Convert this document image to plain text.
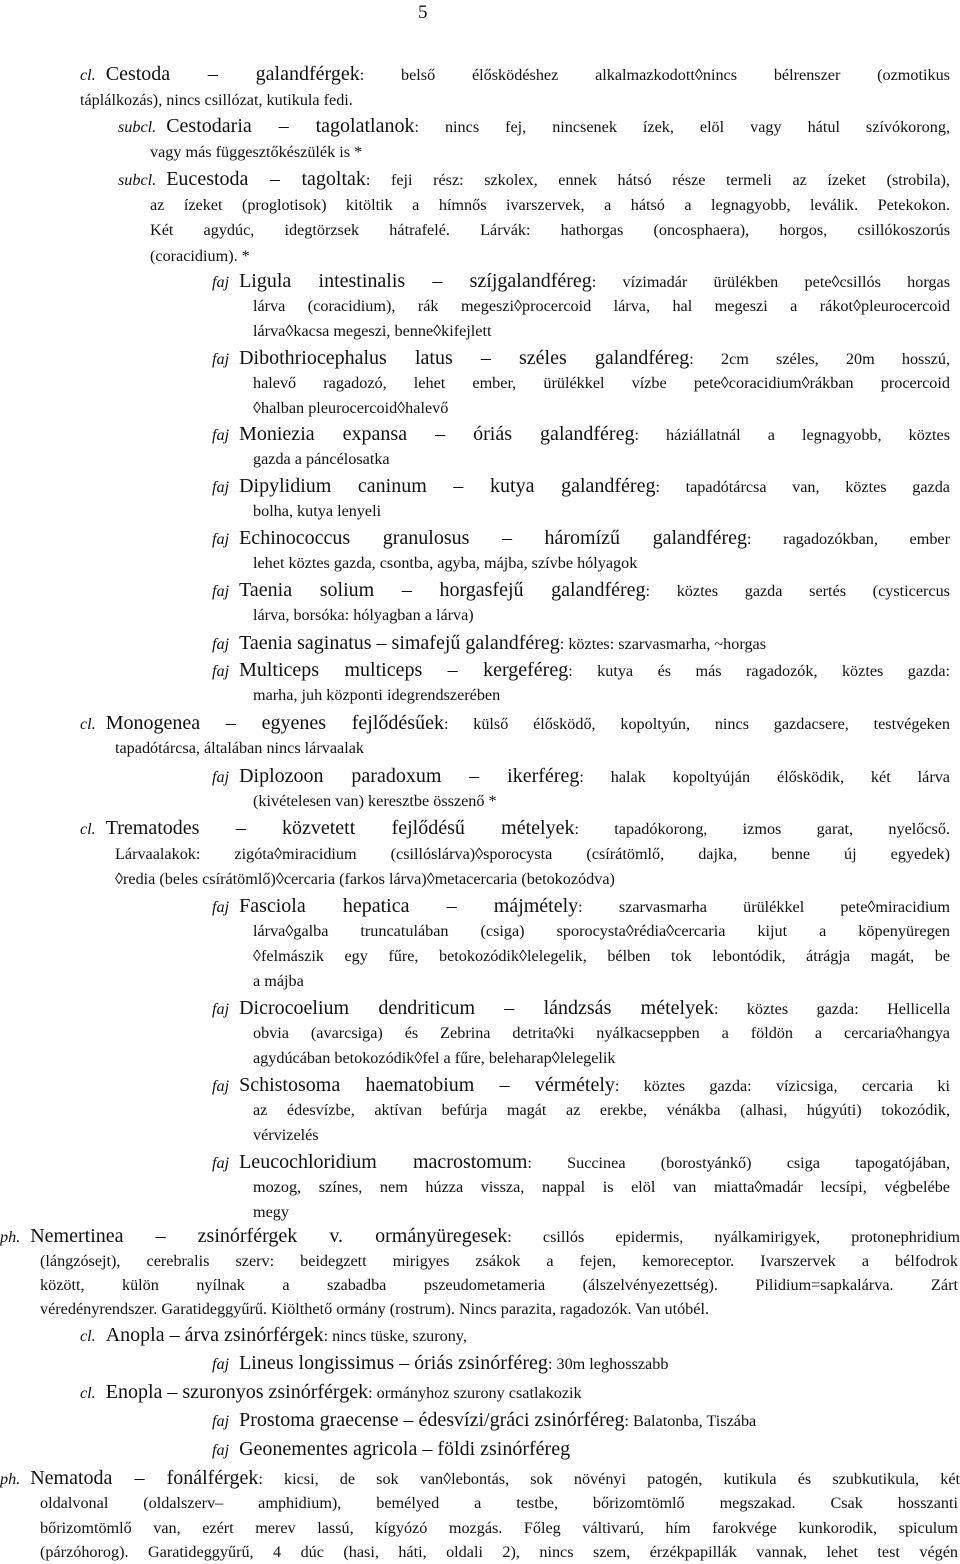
5
cl. Cestoda – galandférgek: belső élősködéshez alkalmazkodott◊nincs bélrenszer (ozmotikus
táplálkozás), nincs csillózat, kutikula fedi.
subcl. Cestodaria – tagolatlanok: nincs fej, nincsenek ízek, elöl vagy hátul szívókorong,
vagy más függesztőkészülék is *
subcl. Eucestoda – tagoltak: feji rész: szkolex, ennek hátsó része termeli az ízeket (strobila),
az ízeket (proglotisok) kitöltik a hímnős ivarszervek, a hátsó a legnagyobb, leválik. Petekokon.
Két agydúc, idegtörzsek hátrafelé. Lárvák: hathorgas (oncosphaera), horgos, csillókoszorús
(coracidium). *
faj Ligula intestinalis – szíjgalandféreg: vízimadár ürülékben pete◊csillós horgas
lárva (coracidium), rák megeszi◊procercoid lárva, hal megeszi a rákot◊pleurocercoid
lárva◊kacsa megeszi, benne◊kifejlett
faj Dibothriocephalus latus – széles galandféreg: 2cm széles, 20m hosszú,
halevő ragadozó, lehet ember, ürülékkel vízbe pete◊coracidium◊rákban procercoid
◊halban pleurocercoid◊halevő
faj Moniezia expansa – óriás galandféreg: háziállatnál a legnagyobb, köztes
gazda a páncélosatka
faj Dipylidium caninum – kutya galandféreg: tapadótárcsa van, köztes gazda
bolha, kutya lenyeli
faj Echinococcus granulosus – háromízű galandféreg: ragadozókban, ember
lehet köztes gazda, csontba, agyba, májba, szívbe hólyagok
faj Taenia solium – horgasfejű galandféreg: köztes gazda sertés (cysticercus
lárva, borsóka: hólyagban a lárva)
faj Taenia saginatus – simafejű galandféreg: köztes: szarvasmarha, ~horgas
faj Multiceps multiceps – kergeféreg: kutya és más ragadozók, köztes gazda:
marha, juh központi idegrendszerében
cl. Monogenea – egyenes fejlődésűek: külső élősködő, kopoltyún, nincs gazdacsere, testvégeken
tapadótárcsa, általában nincs lárvaalak
faj Diplozoon paradoxum – ikerféreg: halak kopoltyúján élősködik, két lárva
(kivételesen van) keresztbe összenő *
cl. Trematodes – közvetett fejlődésű mételyek: tapadókorong, izmos garat, nyelőcső.
Lárvaalakok: zigóta◊miracidium (csillóslárva)◊sporocysta (csírátömlő, dajka, benne új egyedek)
◊redia (beles csírátömlő)◊cercaria (farkos lárva)◊metacercaria (betokozódva)
faj Fasciola hepatica – májmétely: szarvasmarha ürülékkel pete◊miracidium
lárva◊galba truncatulában (csiga) sporocysta◊rédia◊cercaria kijut a köpenyüregen
◊felmászik egy fűre, betokozódik◊lelegelik, bélben tok lebontódik, átrágja magát, be
a májba
faj Dicrocoelium dendriticum – lándzsás mételyek: köztes gazda: Hellicella
obvia (avarcsiga) és Zebrina detrita◊ki nyálkacseppben a földön a cercaria◊hangya
agydúcában betokozódik◊fel a fűre, beleharap◊lelegelik
faj Schistosoma haematobium – vérmétely: köztes gazda: vízicsiga, cercaria ki
az édesvízbe, aktívan befúrja magát az erekbe, vénákba (alhasi, húgyúti) tokozódik,
vérvizelés
faj Leucochloridium macrostomum: Succinea (borostyánkő) csiga tapogatójában,
mozog, színes, nem húzza vissza, nappal is elöl van miatta◊madár lecsípi, végbelébe
megy
ph. Nemertinea – zsinórférgek v. ormányüregesek: csillós epidermis, nyálkamirigyek, protonephridium
(lángzósejt), cerebralis szerv: beidegzett mirigyes zsákok a fejen, kemoreceptor. Ivarszervek a bélfodrok
között, külön nyílnak a szabadba pszeudometameria (álszelvényezettség). Pilidium=sapkalárva. Zárt
véredényrendszer. Garatideggyűrű. Kiölthető ormány (rostrum). Nincs parazita, ragadozók. Van utóbél.
cl. Anopla – árva zsinórférgek: nincs tüske, szurony,
faj Lineus longissimus – óriás zsinórféreg: 30m leghosszabb
cl. Enopla – szuronyos zsinórférgek: ormányhoz szurony csatlakozik
faj Prostoma graecense – édesvízi/gráci zsinórféreg: Balatonba, Tiszába
faj Geonementes agricola – földi zsinórféreg
ph. Nematoda – fonálférgek: kicsi, de sok van◊lebontás, sok növényi patogén, kutikula és szubkutikula, két
oldalvonal (oldalszerv– amphidium), bemélyed a testbe, bőrizomtömlő megszakad. Csak hosszanti
bőrizomtömlő van, ezért merev lassú, kígyózó mozgás. Főleg váltivarú, hím farokvége kunkorodik, spiculum
(párzóhorog). Garatideggyűrű, 4 dúc (hasi, háti, oldali 2), nincs szem, érzékpapillák vannak, lehet test végén
